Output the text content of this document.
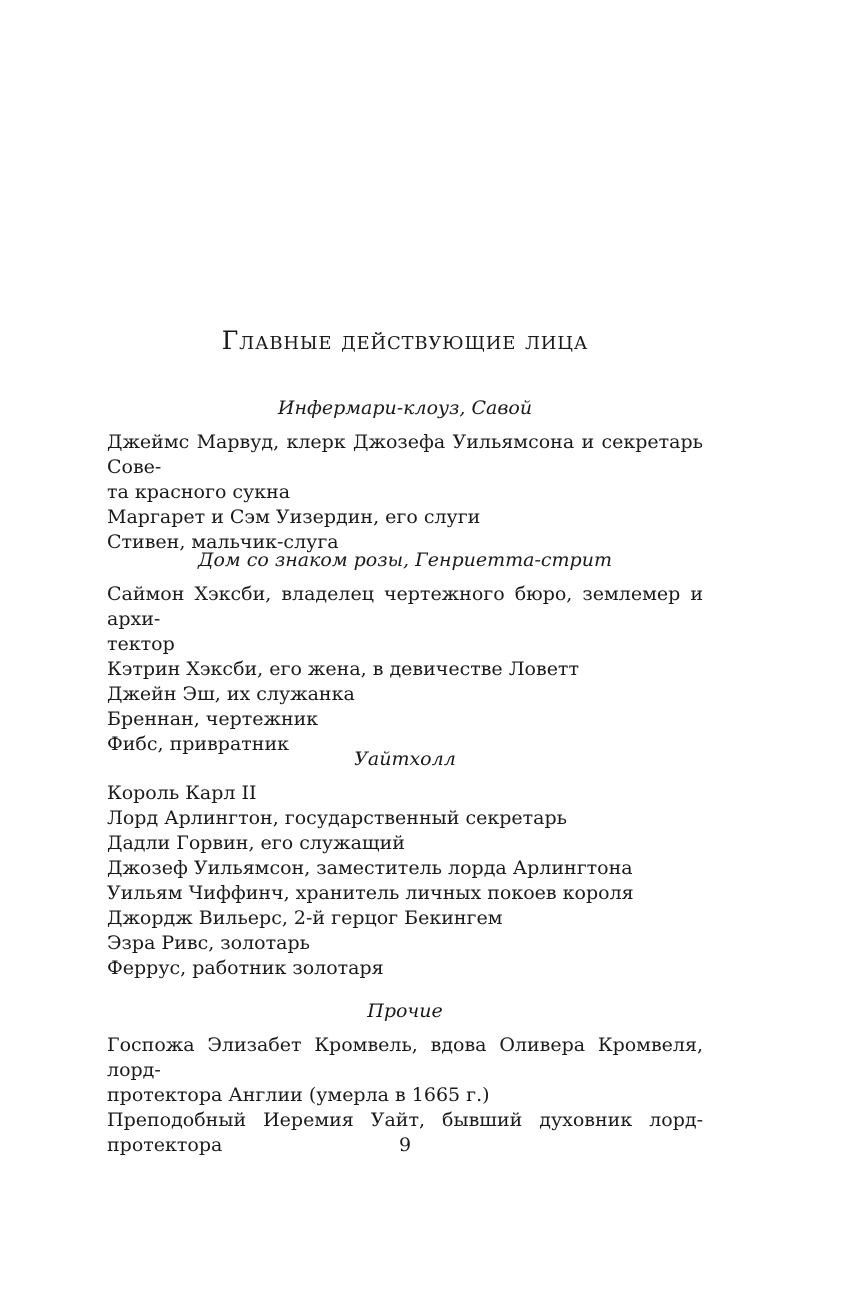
Главные действующие лица

Инфермари-клоуз, Савой

Джеймс Марвуд, клерк Джозефа Уильямсона и секретарь Сове-
та красного сукна

Маргарет и Сэм Уизердин, его слуги

Стивен, мальчик-слуга

Дом со знаком розы, Генриетта-стрит

Саймон Хэксби, владелец чертежного бюро, землемер и архи-
тектор

Кэтрин Хэксби, его жена, в девичестве Ловетт

Джейн Эш, их служанка

Бреннан, чертежник

Фибс, привратник

Уайтхолл

Король Карл II

Лорд Арлингтон, государственный секретарь

Дадли Горвин, его служащий

Джозеф Уильямсон, заместитель лорда Арлингтона

Уильям Чиффинч, хранитель личных покоев короля

Джордж Вильерс, 2-й герцог Бекингем

Эзра Ривс, золотарь

Феррус, работник золотаря

Прочие

Госпожа Элизабет Кромвель, вдова Оливера Кромвеля, лорд-
протектора Англии (умерла в 1665 г.)

Преподобный Иеремия Уайт, бывший духовник лорд-протектора	9
